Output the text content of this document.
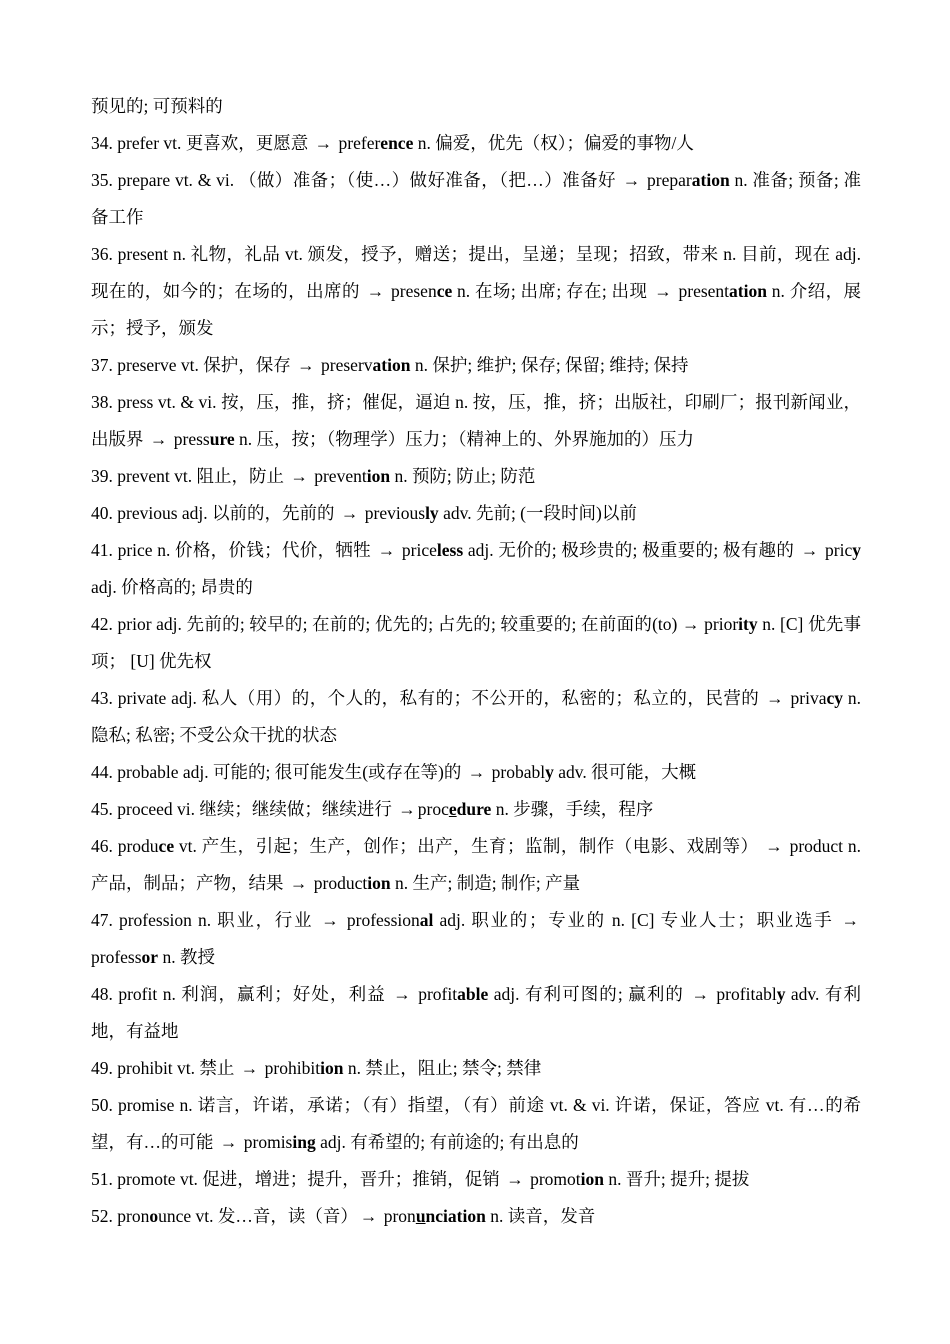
预见的; 可预料的
34. prefer vt. 更喜欢，更愿意 → preference n. 偏爱，优先（权）；偏爱的事物/人
35. prepare vt. & vi. （做）准备；（使…）做好准备，（把…）准备好 → preparation n. 准备; 预备; 准备工作
36. present n. 礼物，礼品 vt. 颁发，授予，赠送；提出，呈递；呈现；招致，带来 n. 目前，现在 adj. 现在的，如今的；在场的，出席的 → presence n. 在场; 出席; 存在; 出现 → presentation n. 介绍，展示；授予，颁发
37. preserve vt. 保护，保存 → preservation n. 保护; 维护; 保存; 保留; 维持; 保持
38. press vt. & vi. 按，压，推，挤；催促，逼迫 n. 按，压，推，挤；出版社，印刷厂；报刊新闻业，出版界 → pressure n. 压，按；（物理学）压力；（精神上的、外界施加的）压力
39. prevent vt. 阻止，防止 → prevention n. 预防; 防止; 防范
40. previous adj. 以前的，先前的 → previously adv. 先前; (一段时间)以前
41. price n. 价格，价钱；代价，牺牲 → priceless adj. 无价的; 极珍贵的; 极重要的; 极有趣的 → pricy adj. 价格高的; 昂贵的
42. prior adj. 先前的; 较早的; 在前的; 优先的; 占先的; 较重要的; 在前面的(to) → priority n. [C] 优先事项； [U] 优先权
43. private adj. 私人（用）的，个人的，私有的；不公开的，私密的；私立的，民营的 → privacy n. 隐私; 私密; 不受公众干扰的状态
44. probable adj. 可能的; 很可能发生(或存在等)的 → probably adv. 很可能，大概
45. proceed vi. 继续；继续做；继续进行 → procedure n. 步骤，手续，程序
46. produce vt. 产生，引起；生产，创作；出产，生育；监制，制作（电影、戏剧等） → product n. 产品，制品；产物，结果 → production n. 生产; 制造; 制作; 产量
47. profession n. 职业，行业 → professional adj. 职业的；专业的 n. [C] 专业人士；职业选手 → professor n. 教授
48. profit n. 利润，赢利；好处，利益 → profitable adj. 有利可图的; 赢利的 → profitably adv. 有利地，有益地
49. prohibit vt. 禁止 → prohibition n. 禁止，阻止; 禁令; 禁律
50. promise n. 诺言，许诺，承诺；（有）指望，（有）前途 vt. & vi. 许诺，保证，答应 vt. 有…的希望，有…的可能 → promising adj. 有希望的; 有前途的; 有出息的
51. promote vt. 促进，增进；提升，晋升；推销，促销 → promotion n. 晋升; 提升; 提拔
52. pronounce vt. 发…音，读（音） → pronunciation n. 读音，发音
